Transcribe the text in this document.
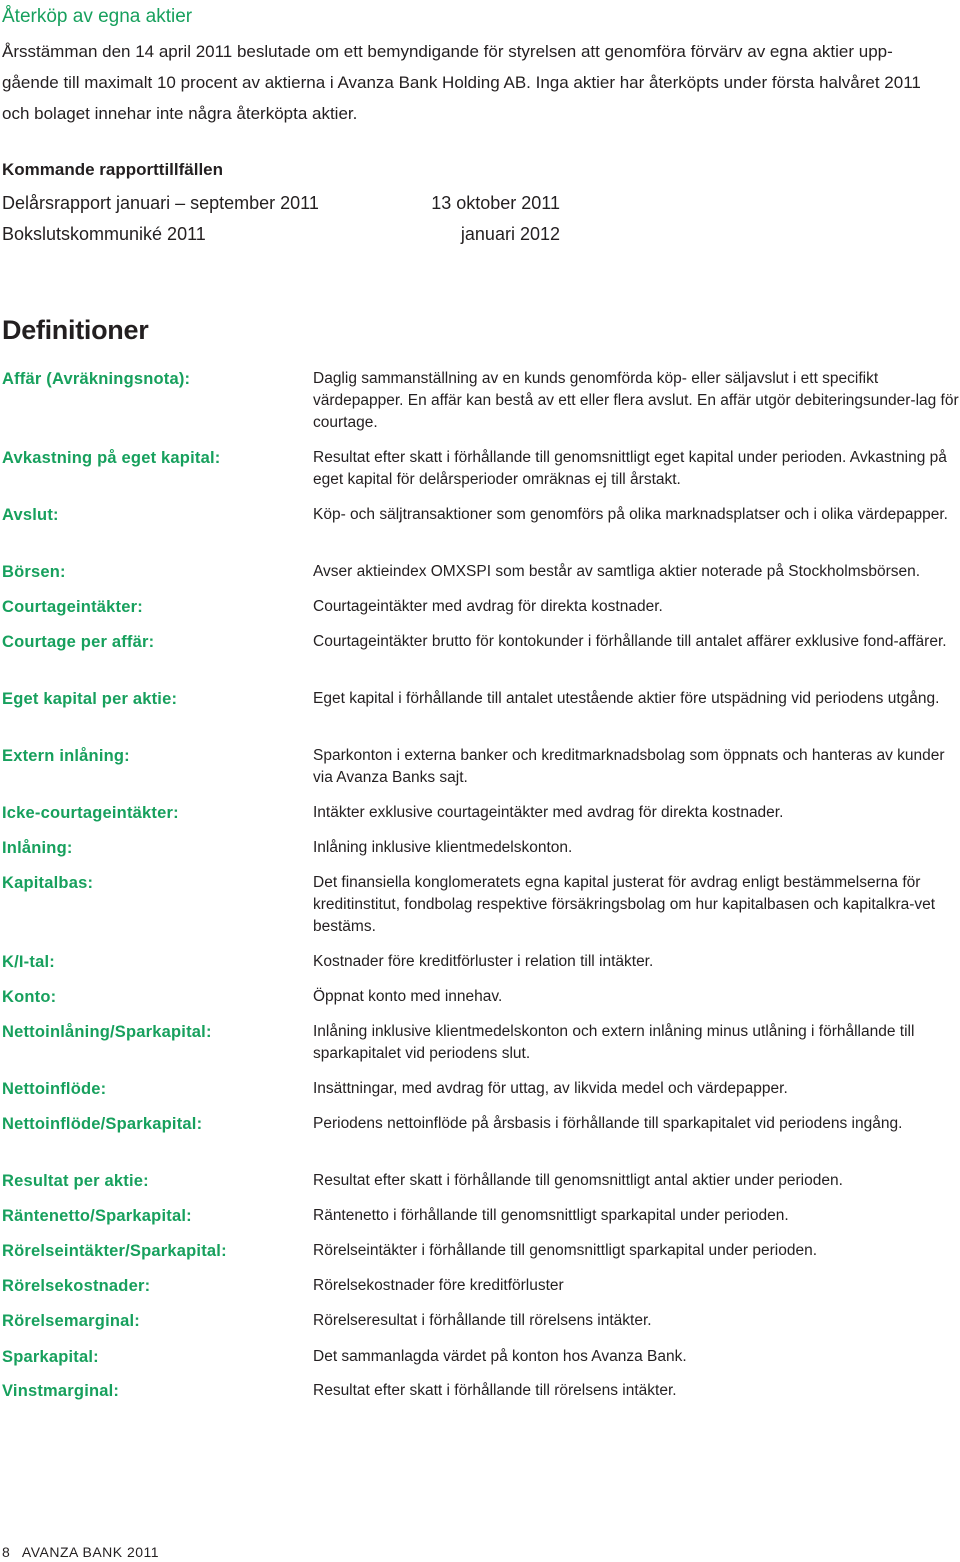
Återköp av egna aktier

Årsstämman den 14 april 2011 beslutade om ett bemyndigande för styrelsen att genomföra förvärv av egna aktier upp-gående till maximalt 10 procent av aktierna i Avanza Bank Holding AB. Inga aktier har återköpts under första halvåret 2011 och bolaget innehar inte några återköpta aktier.

Kommande rapporttillfällen
Delårsrapport januari – september 2011	13 oktober 2011
Bokslutskommuniké 2011	januari 2012
Definitioner
Affär (Avräkningsnota):	Daglig sammanställning av en kunds genomförda köp- eller säljavslut i ett specifikt värdepapper. En affär kan bestå av ett eller flera avslut. En affär utgör debiteringsunder-lag för courtage.
Avkastning på eget kapital:	Resultat efter skatt i förhållande till genomsnittligt eget kapital under perioden. Avkastning på eget kapital för delårsperioder omräknas ej till årstakt.
Avslut:	Köp- och säljtransaktioner som genomförs på olika marknadsplatser och i olika värdepapper.
Börsen:	Avser aktieindex OMXSPI som består av samtliga aktier noterade på Stockholmsbörsen.
Courtageintäkter:	Courtageintäkter med avdrag för direkta kostnader.
Courtage per affär:	Courtageintäkter brutto för kontokunder i förhållande till antalet affärer exklusive fond-affärer.
Eget kapital per aktie:	Eget kapital i förhållande till antalet utestående aktier före utspädning vid periodens utgång.
Extern inlåning:	Sparkonton i externa banker och kreditmarknadsbolag som öppnats och hanteras av kunder via Avanza Banks sajt.
Icke-courtageintäkter:	Intäkter exklusive courtageintäkter med avdrag för direkta kostnader.
Inlåning:	Inlåning inklusive klientmedelskonton.
Kapitalbas:	Det finansiella konglomeratets egna kapital justerat för avdrag enligt bestämmelserna för kreditinstitut, fondbolag respektive försäkringsbolag om hur kapitalbasen och kapitalkra-vet bestäms.
K/I-tal:	Kostnader före kreditförluster i relation till intäkter.
Konto:	Öppnat konto med innehav.
Nettoinlåning/Sparkapital:	Inlåning inklusive klientmedelskonton och extern inlåning minus utlåning i förhållande till sparkapitalet vid periodens slut.
Nettoinflöde:	Insättningar, med avdrag för uttag, av likvida medel och värdepapper.
Nettoinflöde/Sparkapital:	Periodens nettoinflöde på årsbasis i förhållande till sparkapitalet vid periodens ingång.
Resultat per aktie:	Resultat efter skatt i förhållande till genomsnittligt antal aktier under perioden.
Räntenetto/Sparkapital:	Räntenetto i förhållande till genomsnittligt sparkapital under perioden.
Rörelseintäkter/Sparkapital:	Rörelseintäkter i förhållande till genomsnittligt sparkapital under perioden.
Rörelsekostnader:	Rörelsekostnader före kreditförluster
Rörelsemarginal:	Rörelseresultat i förhållande till rörelsens intäkter.
Sparkapital:	Det sammanlagda värdet på konton hos Avanza Bank.
Vinstmarginal:	Resultat efter skatt i förhållande till rörelsens intäkter.
8 AVANZA BANK 2011
